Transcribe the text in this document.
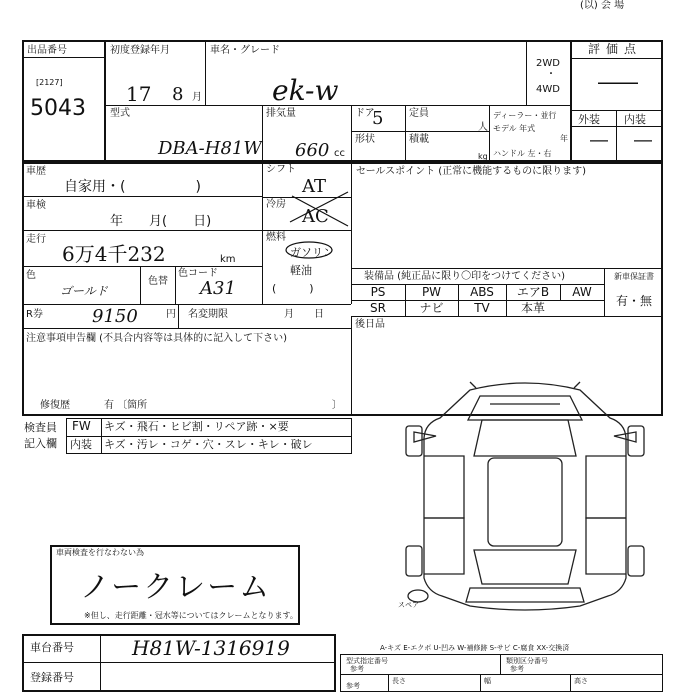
(以) 会 場
出品番号
[2127]
5043
初度登録年月
17 8 月
車名・グレード
ek-w
2WD
・
4WD
評価点
――
外装 内装
― ―
型式
DBA-H81W
排気量
660 cc
ドア
5
形状
定員
人
積載
kg
ディーラー・並行
モデル 年式
年
ハンドル 左・右
車歴
自家用・(　　　　　)
車検
年　　月(　　日)
走行
6万4千232	km
色
ゴールド
色替
色コード
A31
シフト
AT
冷房
AC
燃料
ガソリン
軽油
(　　　)
セールスポイント (正常に機能するものに限ります)
装備品 (純正品に限り〇印をつけてください)	新車保証書
有・無
PS	PW	ABS	エアB	AW
SR	ナビ	TV	本革
後日品
R券	9150	円 名変期限	月　　日
注意事項申告欄 (不具合内容等は具体的に記入して下さい)
修復歴	有 〔箇所	〕
検査員
記入欄
FW キズ・飛石・ヒビ割・リペア跡・×要
内装 キズ・汚レ・コゲ・穴・スレ・キレ・破レ
車両検査を行なわない為
ノークレーム
※但し、走行距離・冠水等についてはクレームとなります。
スペア
A-キズ E-エクボ U-凹み W-補修跡 S-サビ C-腐食 XX-交換済
車台番号	H81W-1316919
登録番号
型式指定番号
参考
類別区分番号
参考
長さ	幅	高さ
参考
